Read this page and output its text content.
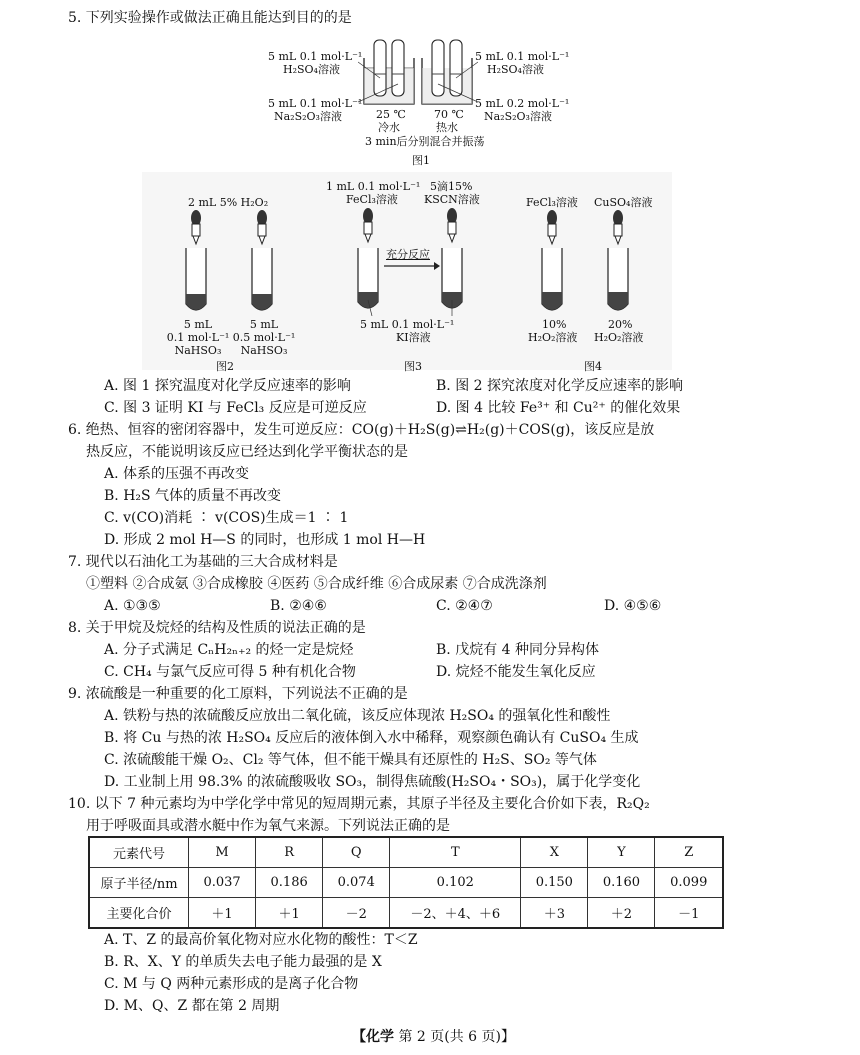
5. 下列实验操作或做法正确且能达到目的的是
5 mL 0.1 mol·L⁻¹
H₂SO₄溶液
5 mL 0.1 mol·L⁻¹
Na₂S₂O₃溶液
5 mL 0.1 mol·L⁻¹
H₂SO₄溶液
5 mL 0.2 mol·L⁻¹
Na₂S₂O₃溶液
25 ℃
冷水
70 ℃
热水
3 min后分别混合并振荡
图1
2 mL 5% H₂O₂
5 mL
0.1 mol·L⁻¹
NaHSO₃
5 mL
0.5 mol·L⁻¹
NaHSO₃
图2
1 mL 0.1 mol·L⁻¹
FeCl₃溶液
5滴15%
KSCN溶液
充分反应
5 mL 0.1 mol·L⁻¹
KI溶液
图3
FeCl₃溶液 CuSO₄溶液
10%
H₂O₂溶液
20%
H₂O₂溶液
图4
A. 图 1 探究温度对化学反应速率的影响	B. 图 2 探究浓度对化学反应速率的影响
C. 图 3 证明 KI 与 FeCl₃ 反应是可逆反应	D. 图 4 比较 Fe³⁺ 和 Cu²⁺ 的催化效果
6. 绝热、恒容的密闭容器中，发生可逆反应：CO(g)＋H₂S(g)⇌H₂(g)＋COS(g)，该反应是放
热反应，不能说明该反应已经达到化学平衡状态的是
A. 体系的压强不再改变
B. H₂S 气体的质量不再改变
C. v(CO)消耗 ∶ v(COS)生成＝1 ∶ 1
D. 形成 2 mol H—S 的同时，也形成 1 mol H—H
7. 现代以石油化工为基础的三大合成材料是
①塑料 ②合成氨 ③合成橡胶 ④医药 ⑤合成纤维 ⑥合成尿素 ⑦合成洗涤剂
A. ①③⑤	B. ②④⑥	C. ②④⑦	D. ④⑤⑥
8. 关于甲烷及烷烃的结构及性质的说法正确的是
A. 分子式满足 CₙH₂ₙ₊₂ 的烃一定是烷烃	B. 戊烷有 4 种同分异构体
C. CH₄ 与氯气反应可得 5 种有机化合物	D. 烷烃不能发生氧化反应
9. 浓硫酸是一种重要的化工原料，下列说法不正确的是
A. 铁粉与热的浓硫酸反应放出二氧化硫，该反应体现浓 H₂SO₄ 的强氧化性和酸性
B. 将 Cu 与热的浓 H₂SO₄ 反应后的液体倒入水中稀释，观察颜色确认有 CuSO₄ 生成
C. 浓硫酸能干燥 O₂、Cl₂ 等气体，但不能干燥具有还原性的 H₂S、SO₂ 等气体
D. 工业制上用 98.3% 的浓硫酸吸收 SO₃，制得焦硫酸(H₂SO₄・SO₃)，属于化学变化
10. 以下 7 种元素均为中学化学中常见的短周期元素，其原子半径及主要化合价如下表，R₂Q₂
用于呼吸面具或潜水艇中作为氧气来源。下列说法正确的是
元素代号	M	R	Q	T	X	Y	Z
原子半径/nm	0.037	0.186	0.074	0.102	0.150	0.160	0.099
主要化合价	＋1	＋1	－2	－2、＋4、＋6	＋3	＋2	－1
A. T、Z 的最高价氧化物对应水化物的酸性：T＜Z
B. R、X、Y 的单质失去电子能力最强的是 X
C. M 与 Q 两种元素形成的是离子化合物
D. M、Q、Z 都在第 2 周期
【化学 第 2 页(共 6 页)】
